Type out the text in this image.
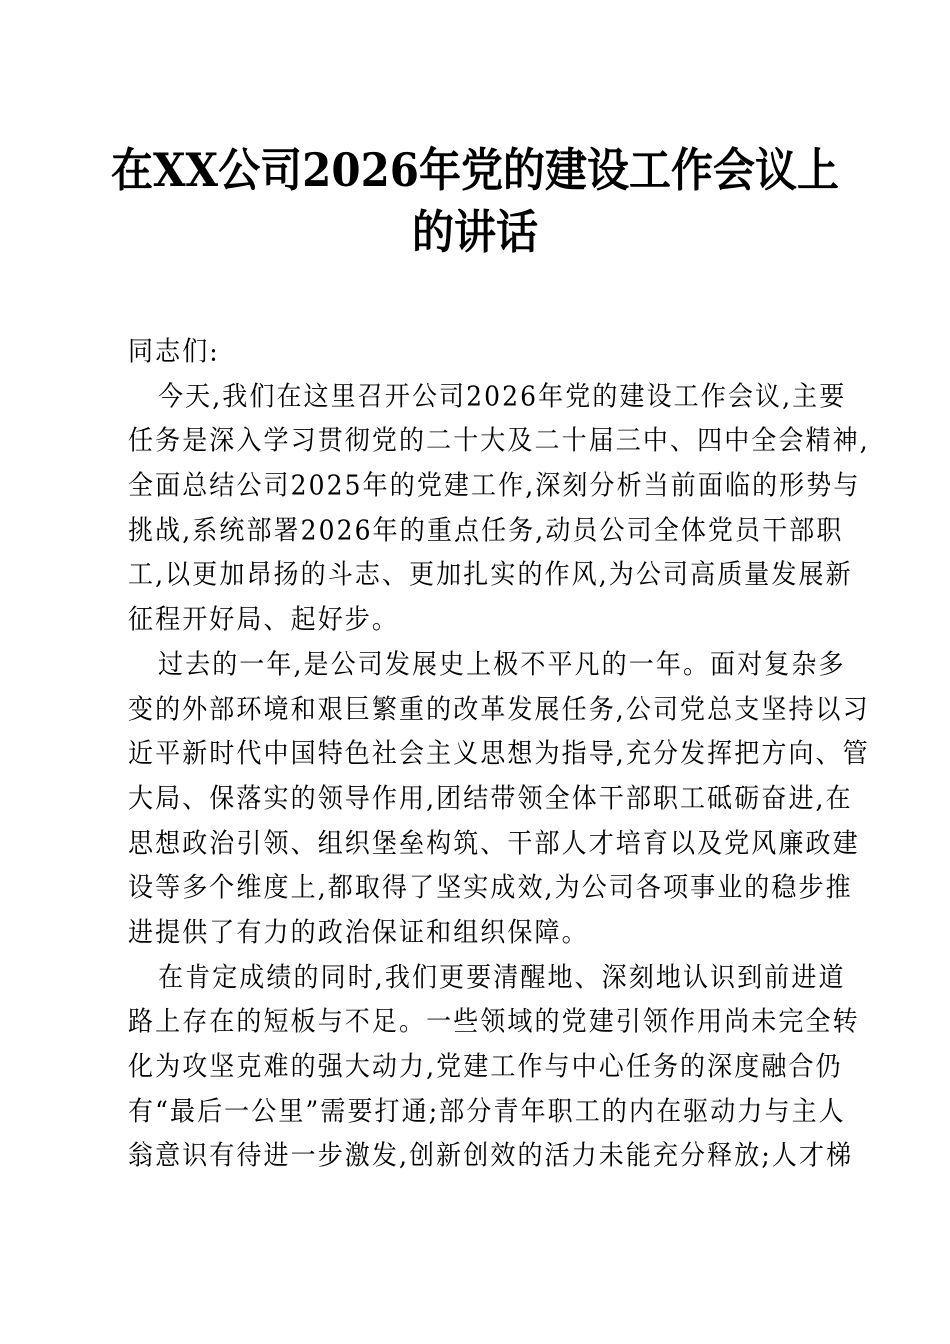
在XX公司2026年党的建设工作会议上
的讲话
同志们:
今天,我们在这里召开公司2026年党的建设工作会议,主要
任务是深入学习贯彻党的二十大及二十届三中、四中全会精神,
全面总结公司2025年的党建工作,深刻分析当前面临的形势与
挑战,系统部署2026年的重点任务,动员公司全体党员干部职
工,以更加昂扬的斗志、更加扎实的作风,为公司高质量发展新
征程开好局、起好步。
过去的一年,是公司发展史上极不平凡的一年。面对复杂多
变的外部环境和艰巨繁重的改革发展任务,公司党总支坚持以习
近平新时代中国特色社会主义思想为指导,充分发挥把方向、管
大局、保落实的领导作用,团结带领全体干部职工砥砺奋进,在
思想政治引领、组织堡垒构筑、干部人才培育以及党风廉政建
设等多个维度上,都取得了坚实成效,为公司各项事业的稳步推
进提供了有力的政治保证和组织保障。
在肯定成绩的同时,我们更要清醒地、深刻地认识到前进道
路上存在的短板与不足。一些领域的党建引领作用尚未完全转
化为攻坚克难的强大动力,党建工作与中心任务的深度融合仍
有“最后一公里”需要打通;部分青年职工的内在驱动力与主人
翁意识有待进一步激发,创新创效的活力未能充分释放;人才梯
